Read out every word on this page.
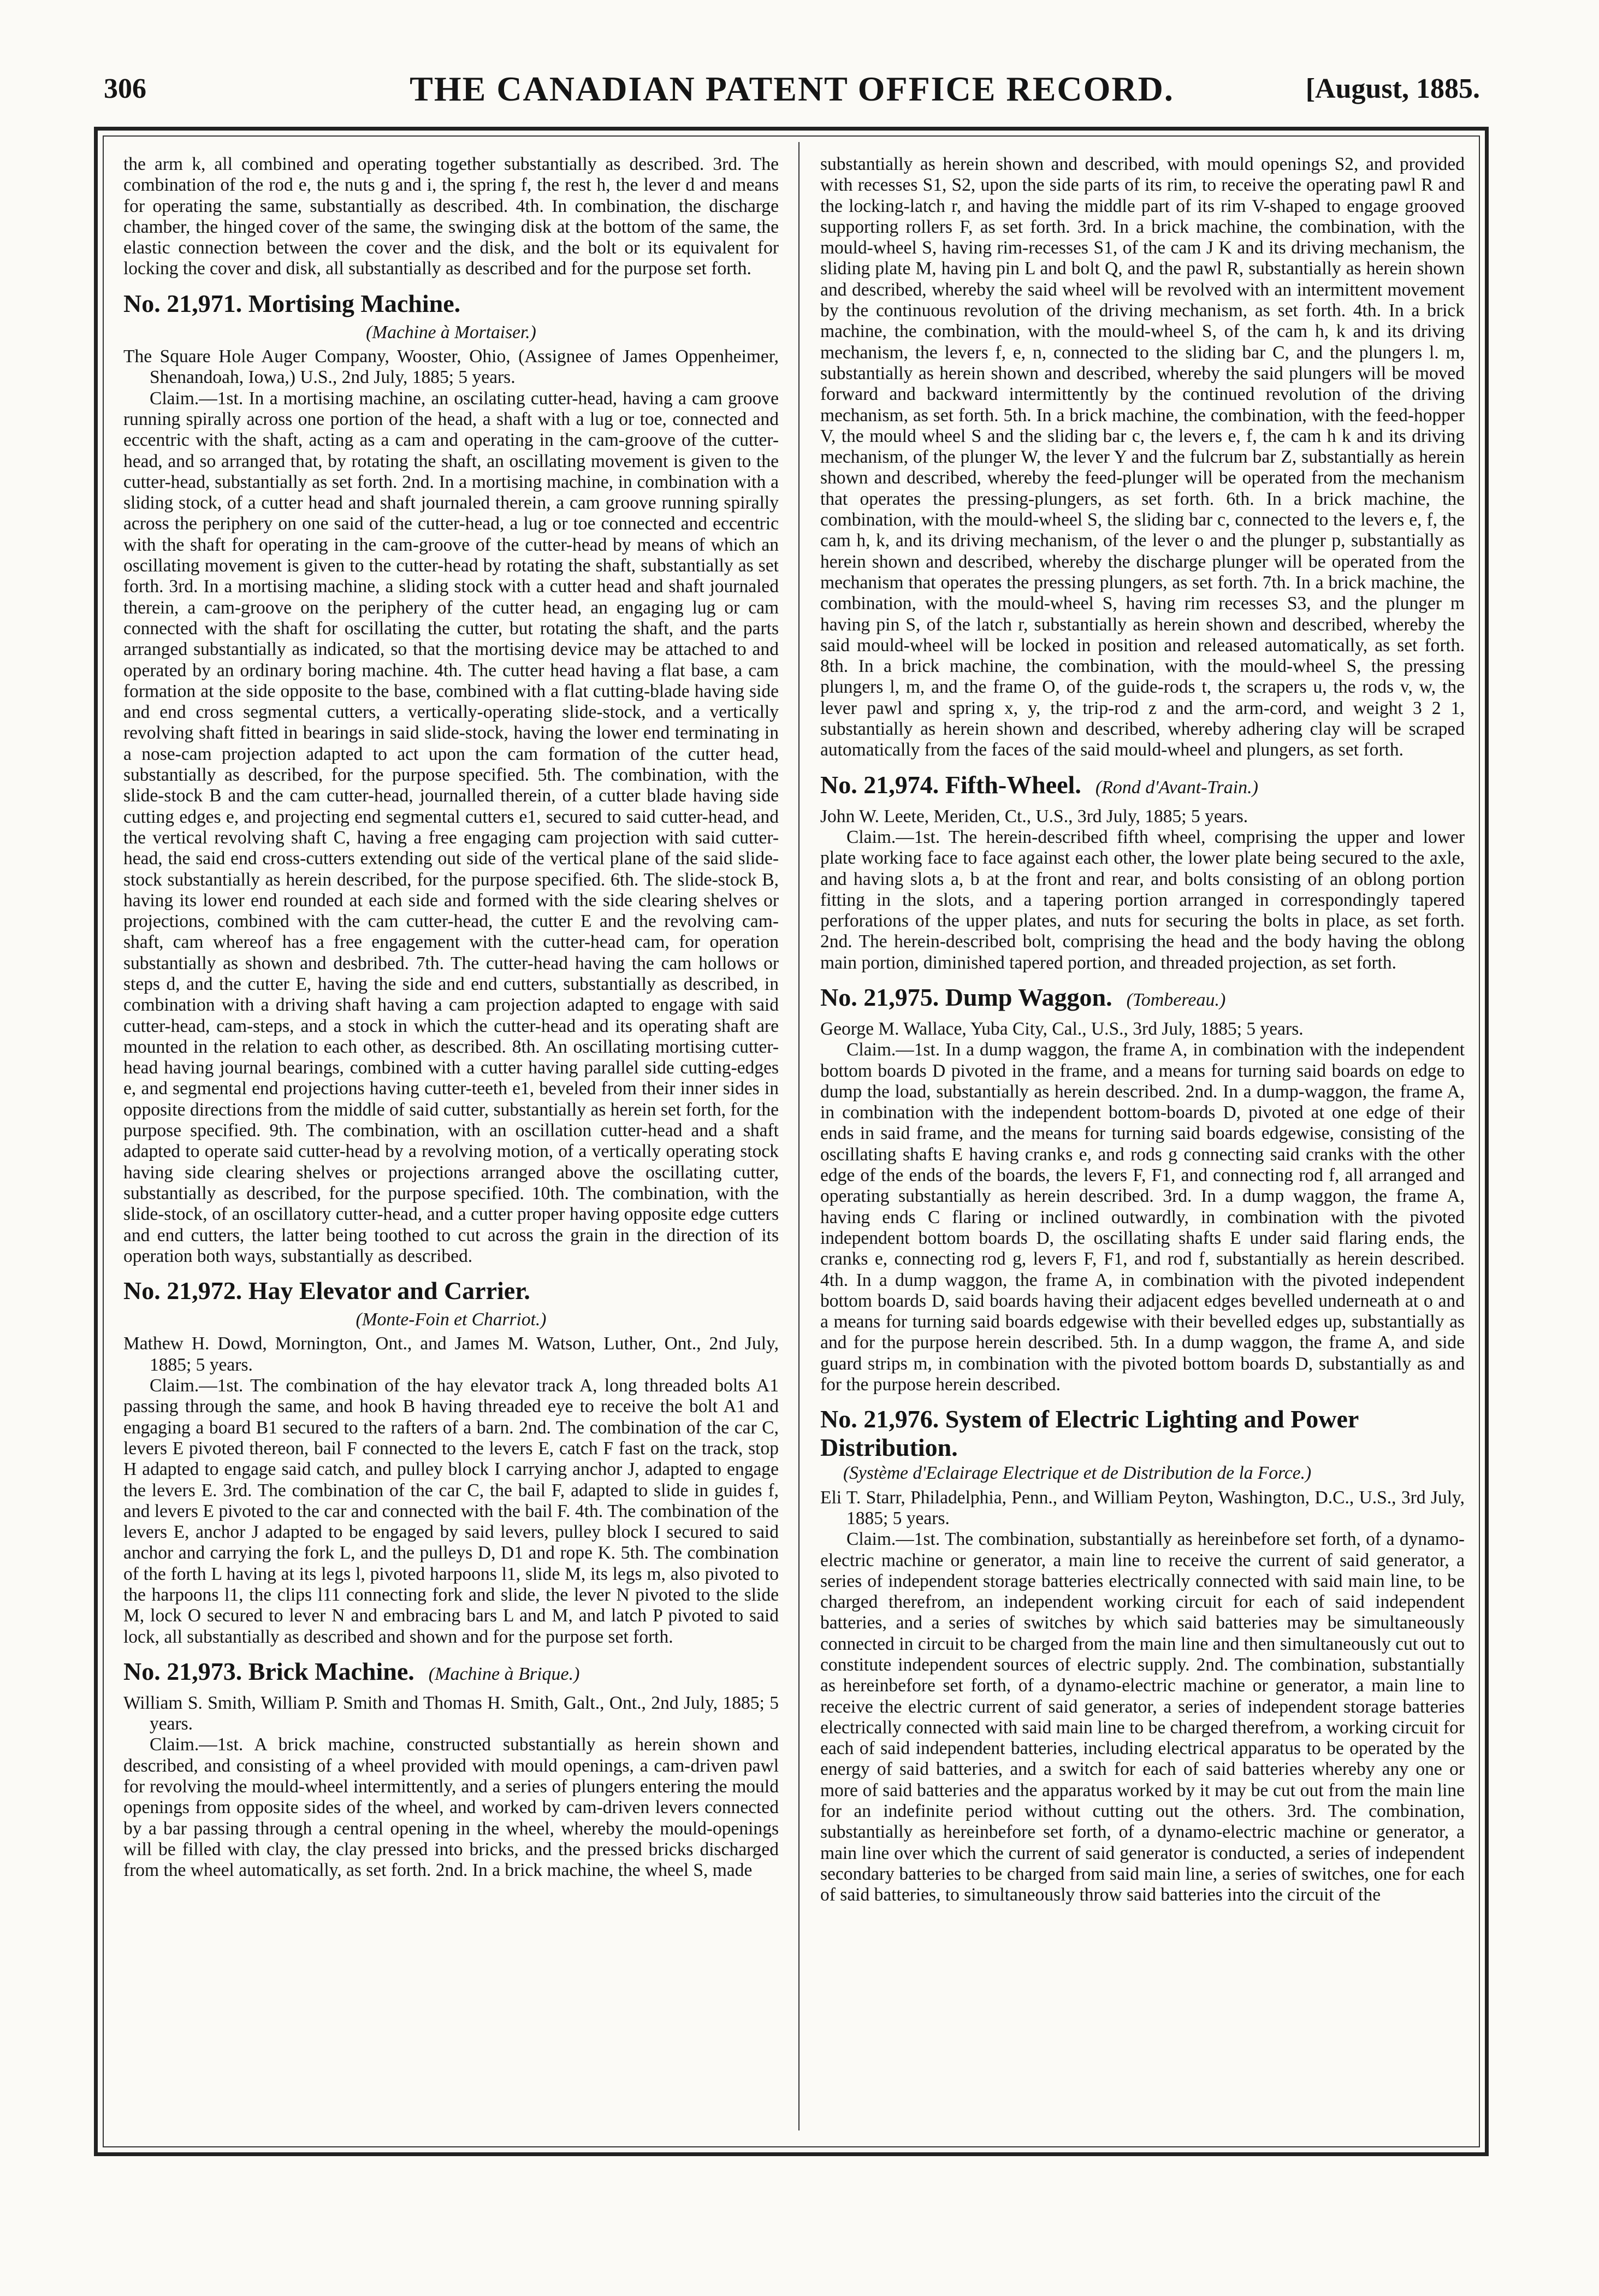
306	THE CANADIAN PATENT OFFICE RECORD.	[August, 1885.

the arm k, all combined and operating together substantially as described. 3rd. The combination of the rod e, the nuts g and i, the spring f, the rest h, the lever d and means for operating the same, substantially as described. 4th. In combination, the discharge chamber, the hinged cover of the same, the swinging disk at the bottom of the same, the elastic connection between the cover and the disk, and the bolt or its equivalent for locking the cover and disk, all substantially as described and for the purpose set forth.

No. 21,971. Mortising Machine.

(Machine à Mortaiser.)

The Square Hole Auger Company, Wooster, Ohio, (Assignee of James Oppenheimer, Shenandoah, Iowa,) U.S., 2nd July, 1885; 5 years.

Claim.—1st. In a mortising machine, an oscilating cutter-head, having a cam groove running spirally across one portion of the head, a shaft with a lug or toe, connected and eccentric with the shaft, acting as a cam and operating in the cam-groove of the cutter-head, and so arranged that, by rotating the shaft, an oscillating movement is given to the cutter-head, substantially as set forth. 2nd. In a mortising machine, in combination with a sliding stock, of a cutter head and shaft journaled therein, a cam groove running spirally across the periphery on one said of the cutter-head, a lug or toe connected and eccentric with the shaft for operating in the cam-groove of the cutter-head by means of which an oscillating movement is given to the cutter-head by rotating the shaft, substantially as set forth. 3rd. In a mortising machine, a sliding stock with a cutter head and shaft journaled therein, a cam-groove on the periphery of the cutter head, an engaging lug or cam connected with the shaft for oscillating the cutter, but rotating the shaft, and the parts arranged substantially as indicated, so that the mortising device may be attached to and operated by an ordinary boring machine. 4th. The cutter head having a flat base, a cam formation at the side opposite to the base, combined with a flat cutting-blade having side and end cross segmental cutters, a vertically-operating slide-stock, and a vertically revolving shaft fitted in bearings in said slide-stock, having the lower end terminating in a nose-cam projection adapted to act upon the cam formation of the cutter head, substantially as described, for the purpose specified. 5th. The combination, with the slide-stock B and the cam cutter-head, journalled therein, of a cutter blade having side cutting edges e, and projecting end segmental cutters e1, secured to said cutter-head, and the vertical revolving shaft C, having a free engaging cam projection with said cutter-head, the said end cross-cutters extending out side of the vertical plane of the said slide-stock substantially as herein described, for the purpose specified. 6th. The slide-stock B, having its lower end rounded at each side and formed with the side clearing shelves or projections, combined with the cam cutter-head, the cutter E and the revolving cam-shaft, cam whereof has a free engagement with the cutter-head cam, for operation substantially as shown and desbribed. 7th. The cutter-head having the cam hollows or steps d, and the cutter E, having the side and end cutters, substantially as described, in combination with a driving shaft having a cam projection adapted to engage with said cutter-head, cam-steps, and a stock in which the cutter-head and its operating shaft are mounted in the relation to each other, as described. 8th. An oscillating mortising cutter-head having journal bearings, combined with a cutter having parallel side cutting-edges e, and segmental end projections having cutter-teeth e1, beveled from their inner sides in opposite directions from the middle of said cutter, substantially as herein set forth, for the purpose specified. 9th. The combination, with an oscillation cutter-head and a shaft adapted to operate said cutter-head by a revolving motion, of a vertically operating stock having side clearing shelves or projections arranged above the oscillating cutter, substantially as described, for the purpose specified. 10th. The combination, with the slide-stock, of an oscillatory cutter-head, and a cutter proper having opposite edge cutters and end cutters, the latter being toothed to cut across the grain in the direction of its operation both ways, substantially as described.

No. 21,972. Hay Elevator and Carrier.

(Monte-Foin et Charriot.)

Mathew H. Dowd, Mornington, Ont., and James M. Watson, Luther, Ont., 2nd July, 1885; 5 years.

Claim.—1st. The combination of the hay elevator track A, long threaded bolts A1 passing through the same, and hook B having threaded eye to receive the bolt A1 and engaging a board B1 secured to the rafters of a barn. 2nd. The combination of the car C, levers E pivoted thereon, bail F connected to the levers E, catch F fast on the track, stop H adapted to engage said catch, and pulley block I carrying anchor J, adapted to engage the levers E. 3rd. The combination of the car C, the bail F, adapted to slide in guides f, and levers E pivoted to the car and connected with the bail F. 4th. The combination of the levers E, anchor J adapted to be engaged by said levers, pulley block I secured to said anchor and carrying the fork L, and the pulleys D, D1 and rope K. 5th. The combination of the forth L having at its legs l, pivoted harpoons l1, slide M, its legs m, also pivoted to the harpoons l1, the clips l11 connecting fork and slide, the lever N pivoted to the slide M, lock O secured to lever N and embracing bars L and M, and latch P pivoted to said lock, all substantially as described and shown and for the purpose set forth.

No. 21,973. Brick Machine. (Machine à Brique.)

William S. Smith, William P. Smith and Thomas H. Smith, Galt., Ont., 2nd July, 1885; 5 years.

Claim.—1st. A brick machine, constructed substantially as herein shown and described, and consisting of a wheel provided with mould openings, a cam-driven pawl for revolving the mould-wheel intermittently, and a series of plungers entering the mould openings from opposite sides of the wheel, and worked by cam-driven levers connected by a bar passing through a central opening in the wheel, whereby the mould-openings will be filled with clay, the clay pressed into bricks, and the pressed bricks discharged from the wheel automatically, as set forth. 2nd. In a brick machine, the wheel S, made

substantially as herein shown and described, with mould openings S2, and provided with recesses S1, S2, upon the side parts of its rim, to receive the operating pawl R and the locking-latch r, and having the middle part of its rim V-shaped to engage grooved supporting rollers F, as set forth. 3rd. In a brick machine, the combination, with the mould-wheel S, having rim-recesses S1, of the cam J K and its driving mechanism, the sliding plate M, having pin L and bolt Q, and the pawl R, substantially as herein shown and described, whereby the said wheel will be revolved with an intermittent movement by the continuous revolution of the driving mechanism, as set forth. 4th. In a brick machine, the combination, with the mould-wheel S, of the cam h, k and its driving mechanism, the levers f, e, n, connected to the sliding bar C, and the plungers l. m, substantially as herein shown and described, whereby the said plungers will be moved forward and backward intermittently by the continued revolution of the driving mechanism, as set forth. 5th. In a brick machine, the combination, with the feed-hopper V, the mould wheel S and the sliding bar c, the levers e, f, the cam h k and its driving mechanism, of the plunger W, the lever Y and the fulcrum bar Z, substantially as herein shown and described, whereby the feed-plunger will be operated from the mechanism that operates the pressing-plungers, as set forth. 6th. In a brick machine, the combination, with the mould-wheel S, the sliding bar c, connected to the levers e, f, the cam h, k, and its driving mechanism, of the lever o and the plunger p, substantially as herein shown and described, whereby the discharge plunger will be operated from the mechanism that operates the pressing plungers, as set forth. 7th. In a brick machine, the combination, with the mould-wheel S, having rim recesses S3, and the plunger m having pin S, of the latch r, substantially as herein shown and described, whereby the said mould-wheel will be locked in position and released automatically, as set forth. 8th. In a brick machine, the combination, with the mould-wheel S, the pressing plungers l, m, and the frame O, of the guide-rods t, the scrapers u, the rods v, w, the lever pawl and spring x, y, the trip-rod z and the arm-cord, and weight 3 2 1, substantially as herein shown and described, whereby adhering clay will be scraped automatically from the faces of the said mould-wheel and plungers, as set forth.

No. 21,974. Fifth-Wheel. (Rond d'Avant-Train.)

John W. Leete, Meriden, Ct., U.S., 3rd July, 1885; 5 years.

Claim.—1st. The herein-described fifth wheel, comprising the upper and lower plate working face to face against each other, the lower plate being secured to the axle, and having slots a, b at the front and rear, and bolts consisting of an oblong portion fitting in the slots, and a tapering portion arranged in correspondingly tapered perforations of the upper plates, and nuts for securing the bolts in place, as set forth. 2nd. The herein-described bolt, comprising the head and the body having the oblong main portion, diminished tapered portion, and threaded projection, as set forth.

No. 21,975. Dump Waggon. (Tombereau.)

George M. Wallace, Yuba City, Cal., U.S., 3rd July, 1885; 5 years.

Claim.—1st. In a dump waggon, the frame A, in combination with the independent bottom boards D pivoted in the frame, and a means for turning said boards on edge to dump the load, substantially as herein described. 2nd. In a dump-waggon, the frame A, in combination with the independent bottom-boards D, pivoted at one edge of their ends in said frame, and the means for turning said boards edgewise, consisting of the oscillating shafts E having cranks e, and rods g connecting said cranks with the other edge of the ends of the boards, the levers F, F1, and connecting rod f, all arranged and operating substantially as herein described. 3rd. In a dump waggon, the frame A, having ends C flaring or inclined outwardly, in combination with the pivoted independent bottom boards D, the oscillating shafts E under said flaring ends, the cranks e, connecting rod g, levers F, F1, and rod f, substantially as herein described. 4th. In a dump waggon, the frame A, in combination with the pivoted independent bottom boards D, said boards having their adjacent edges bevelled underneath at o and a means for turning said boards edgewise with their bevelled edges up, substantially as and for the purpose herein described. 5th. In a dump waggon, the frame A, and side guard strips m, in combination with the pivoted bottom boards D, substantially as and for the purpose herein described.

No. 21,976. System of Electric Lighting and Power Distribution.

(Système d'Eclairage Electrique et de Distribution de la Force.)

Eli T. Starr, Philadelphia, Penn., and William Peyton, Washington, D.C., U.S., 3rd July, 1885; 5 years.

Claim.—1st. The combination, substantially as hereinbefore set forth, of a dynamo-electric machine or generator, a main line to receive the current of said generator, a series of independent storage batteries electrically connected with said main line, to be charged therefrom, an independent working circuit for each of said independent batteries, and a series of switches by which said batteries may be simultaneously connected in circuit to be charged from the main line and then simultaneously cut out to constitute independent sources of electric supply. 2nd. The combination, substantially as hereinbefore set forth, of a dynamo-electric machine or generator, a main line to receive the electric current of said generator, a series of independent storage batteries electrically connected with said main line to be charged therefrom, a working circuit for each of said independent batteries, including electrical apparatus to be operated by the energy of said batteries, and a switch for each of said batteries whereby any one or more of said batteries and the apparatus worked by it may be cut out from the main line for an indefinite period without cutting out the others. 3rd. The combination, substantially as hereinbefore set forth, of a dynamo-electric machine or generator, a main line over which the current of said generator is conducted, a series of independent secondary batteries to be charged from said main line, a series of switches, one for each of said batteries, to simultaneously throw said batteries into the circuit of the
